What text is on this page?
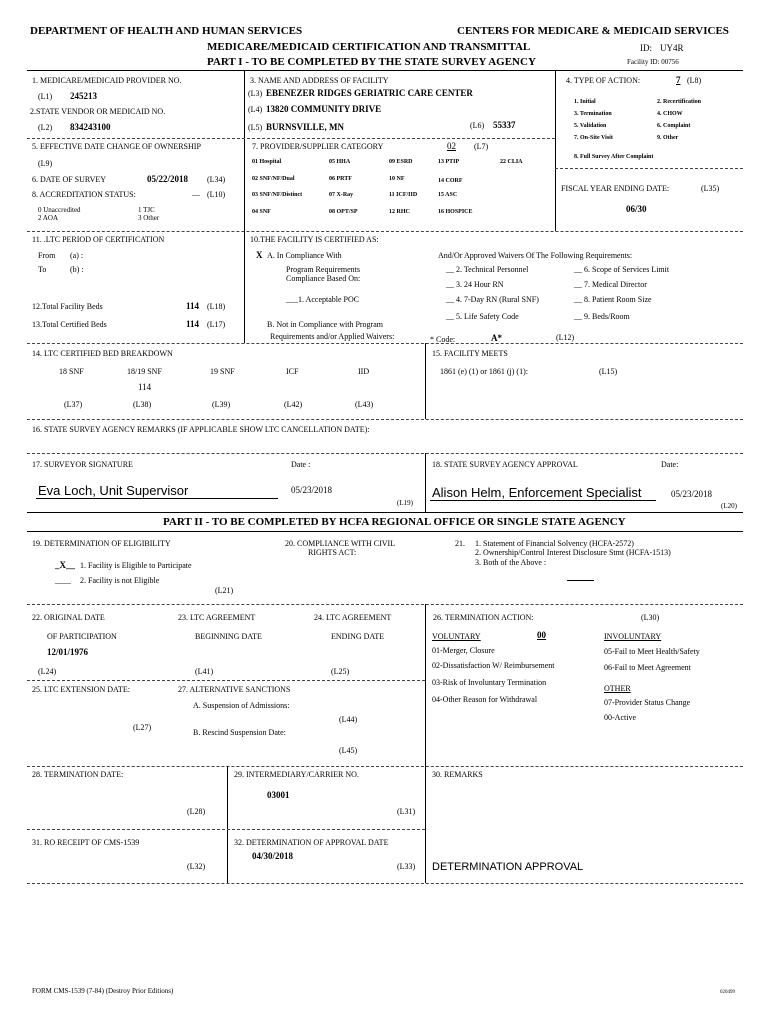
DEPARTMENT OF HEALTH AND HUMAN SERVICES	CENTERS FOR MEDICARE & MEDICAID SERVICES
MEDICARE/MEDICAID CERTIFICATION AND TRANSMITTAL	ID: UY4R
PART I - TO BE COMPLETED BY THE STATE SURVEY AGENCY	Facility ID: 00756
1. MEDICARE/MEDICAID PROVIDER NO.
(L1) 245213
2.STATE VENDOR OR MEDICAID NO.
(L2) 834243100
3. NAME AND ADDRESS OF FACILITY
(L3) EBENEZER RIDGES GERIATRIC CARE CENTER
(L4) 13820 COMMUNITY DRIVE
(L5) BURNSVILLE, MN	(L6) 55337
4. TYPE OF ACTION:	7 (L8)
1. Initial	2. Recertification
3. Termination	4. CHOW
5. Validation	6. Complaint
7. On-Site Visit	9. Other
8. Full Survey After Complaint
5. EFFECTIVE DATE CHANGE OF OWNERSHIP
(L9)
6. DATE OF SURVEY	05/22/2018 (L34)
8. ACCREDITATION STATUS:	__ (L10)
0 Unaccredited	1 TJC
2 AOA	3 Other
7. PROVIDER/SUPPLIER CATEGORY	02 (L7)
01 Hospital	05 HHA	09 ESRD	13 PTIP	22 CLIA
02 SNF/NF/Dual	06 PRTF	10 NF	14 CORF
03 SNF/NF/Distinct	07 X-Ray	11 ICF/IID	15 ASC
04 SNF	08 OPT/SP	12 RHC	16 HOSPICE
FISCAL YEAR ENDING DATE:	(L35)
06/30
11. .LTC PERIOD OF CERTIFICATION
From (a) :
To	(b) :
12.Total Facility Beds	114 (L18)
13.Total Certified Beds	114 (L17)
10.THE FACILITY IS CERTIFIED AS:
X A. In Compliance With
Program Requirements
Compliance Based On:
___1. Acceptable POC
B. Not in Compliance with Program
Requirements and/or Applied Waivers:
And/Or Approved Waivers Of The Following Requirements:
__ 2. Technical Personnel	__ 6. Scope of Services Limit
__ 3. 24 Hour RN	__ 7. Medical Director
__ 4. 7-Day RN (Rural SNF)	__ 8. Patient Room Size
__ 5. Life Safety Code	__ 9. Beds/Room
* Code:	A*	(L12)
14. LTC CERTIFIED BED BREAKDOWN
18 SNF	18/19 SNF	19 SNF	ICF	IID
114
(L37)	(L38)	(L39)	(L42)	(L43)
15. FACILITY MEETS
1861 (e) (1) or 1861 (j) (1):	(L15)
16. STATE SURVEY AGENCY REMARKS (IF APPLICABLE SHOW LTC CANCELLATION DATE):
17. SURVEYOR SIGNATURE	Date :
Eva Loch, Unit Supervisor	05/23/2018
(L19)
18. STATE SURVEY AGENCY APPROVAL	Date:
Alison Helm, Enforcement Specialist	05/23/2018
(L20)
PART II - TO BE COMPLETED BY HCFA REGIONAL OFFICE OR SINGLE STATE AGENCY
19. DETERMINATION OF ELIGIBILITY
_X__ 1. Facility is Eligible to Participate
____ 2. Facility is not Eligible
(L21)
20. COMPLIANCE WITH CIVIL
RIGHTS ACT:
21. 1. Statement of Financial Solvency (HCFA-2572)
2. Ownership/Control Interest Disclosure Stmt (HCFA-1513)
3. Both of the Above :
22. ORIGINAL DATE
OF PARTICIPATION
12/01/1976
(L24)
23. LTC AGREEMENT
BEGINNING DATE
(L41)
24. LTC AGREEMENT
ENDING DATE
(L25)
25. LTC EXTENSION DATE:
(L27)
27. ALTERNATIVE SANCTIONS
A. Suspension of Admissions:
(L44)
B. Rescind Suspension Date:
(L45)
26. TERMINATION ACTION:	(L30)
VOLUNTARY	00	INVOLUNTARY
01-Merger, Closure
02-Dissatisfaction W/ Reimbursement
03-Risk of Involuntary Termination
04-Other Reason for Withdrawal
05-Fail to Meet Health/Safety
06-Fail to Meet Agreement
OTHER
07-Provider Status Change
00-Active
28. TERMINATION DATE:
(L28)
29. INTERMEDIARY/CARRIER NO.
03001
(L31)
30. REMARKS
31. RO RECEIPT OF CMS-1539
(L32)
32. DETERMINATION OF APPROVAL DATE
04/30/2018
(L33) DETERMINATION APPROVAL
FORM CMS-1539 (7-84) (Destroy Prior Editions)	020499
